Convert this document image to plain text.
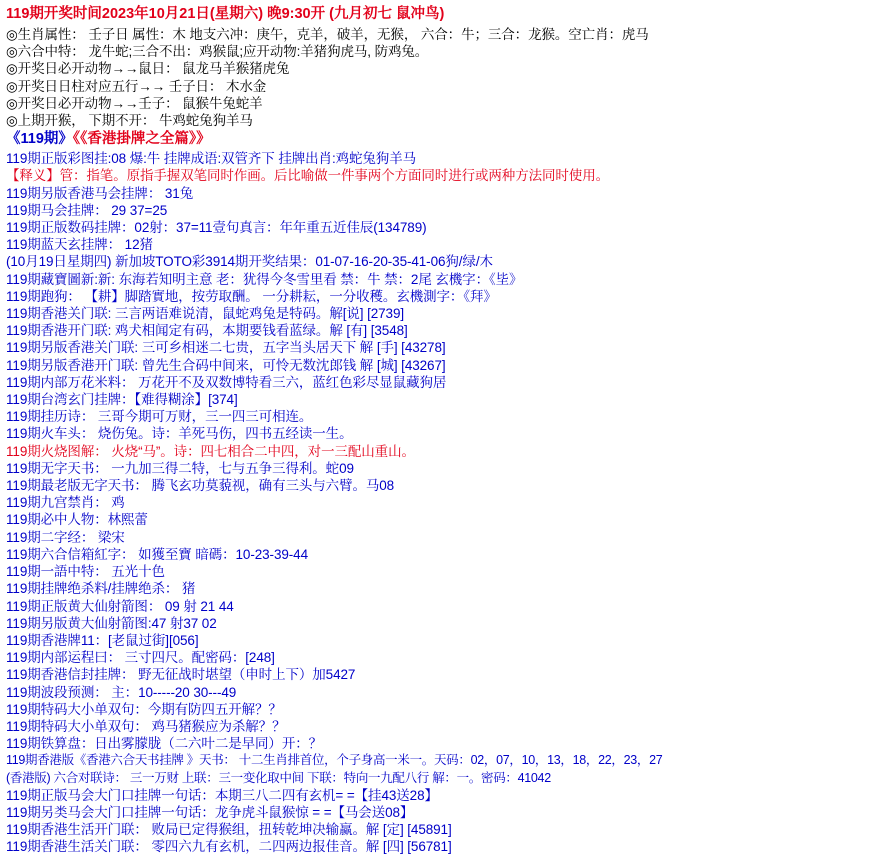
119期开奖时间2023年10月21日(星期六) 晚9:30开 (九月初七 鼠冲鸟)
◎生肖属性： 壬子日 属性：木 地支六冲：庚午，克羊，破羊，无猴， 六合：牛；三合：龙猴。空亡肖：虎马
◎六合中特： 龙牛蛇;三合不出：鸡猴鼠;应开动物:羊猪狗虎马, 防鸡兔。
◎开奖日必开动物→→鼠日： 鼠龙马羊猴猪虎兔
◎开奖日日柱对应五行→→ 壬子日： 木水金
◎开奖日必开动物→→壬子： 鼠猴牛兔蛇羊
◎上期开猴， 下期不开： 牛鸡蛇兔狗羊马
《119期》《《香港掛牌之全篇》》
119期正版彩图挂:08 爆:牛 挂牌成语:双管齐下 挂牌出肖:鸡蛇兔狗羊马
【释义】管：指笔。原指手握双笔同时作画。后比喻做一件事两个方面同时进行或两种方法同时使用。
119期另版香港马会挂牌： 31兔
119期马会挂牌： 29 37=25
119期正版数码挂牌：02射：37=11壹句真言：年年重五近佳辰(134789)
119期蓝天玄挂牌： 12猪
(10月19日星期四) 新加坡TOTO彩3914期开奖结果：01-07-16-20-35-41-06狗/绿/木
119期藏寶圖新:新: 东海若知明主意 老：犹得今冬雪里看 禁：牛 禁：2尾 玄機字：《坒》
119期跑狗： 【耕】脚踏實地，按劳取酬。 一分耕耘，一分收穫。玄機測字：《拜》
119期香港关门联: 三言两语难说清，鼠蛇鸡兔是特码。解[说] [2739]
119期香港开门联: 鸡犬相闻定有码，本期要钱看蓝绿。解 [有] [3548]
119期另版香港关门联: 三可乡相迷二七贵，五字当头居天下 解 [手] [43278]
119期另版香港开门联: 曾先生合码中间来，可怜无数沈郎钱 解 [城] [43267]
119期内部万花米料： 万花开不及双数博特看三六，蓝红色彩尽显鼠藏狗居
119期台湾玄门挂牌：【难得糊涂】[374]
119期挂历诗： 三哥今期可万财，三一四三可相连。
119期火车头： 烧伤兔。诗：羊死马伤，四书五经读一生。
119期火烧图解： 火烧“马”。诗：四七相合二中四，对一三配山重山。
119期无字天书： 一九加三得二特，七与五争三得利。蛇09
119期最老版无字天书： 腾飞玄功莫藐视，确有三头与六臂。马08
119期九宫禁肖： 鸡
119期必中人物：林熙蕾
119期二字经： 梁宋
119期六合信箱紅字： 如獲至寶 暗碼：10-23-39-44
119期一語中特： 五光十色
119期挂牌绝杀料/挂牌绝杀： 猪
119期正版黄大仙射箭图： 09 射 21 44
119期另版黄大仙射箭图:47 射37 02
119期香港牌11：[老鼠过街][056]
119期内部运程曰： 三寸四尺。配密码：[248]
119期香港信封挂牌： 野无征战时堪望（申时上下）加5427
119期波段预测： 主：10-----20 30---49
119期特码大小单双句：今期有防四五开解？？
119期特码大小单双句： 鸡马猪猴应为杀解？？
119期铁算盘：日出雾朦胧（二六叶二是早同）开：？
119期香港版《香港六合天书挂牌 》天书： 十二生肖排首位，个子身高一米一。天码：02，07，10，13，18，22，23，27
(香港版) 六合对联诗： 三一万财 上联：三一变化取中间 下联：特向一九配八行 解：一。密码：41042
119期正版马会大门口挂牌一句话：本期三八二四有玄机= =【挂43送28】
119期另类马会大门口挂牌一句话：龙争虎斗鼠猴惊 = =【马会送08】
119期香港生活开门联： 败局已定得猴组，扭转乾坤决输赢。解 [定] [45891]
119期香港生活关门联： 零四六九有玄机，二四两边报佳音。解 [四] [56781]
